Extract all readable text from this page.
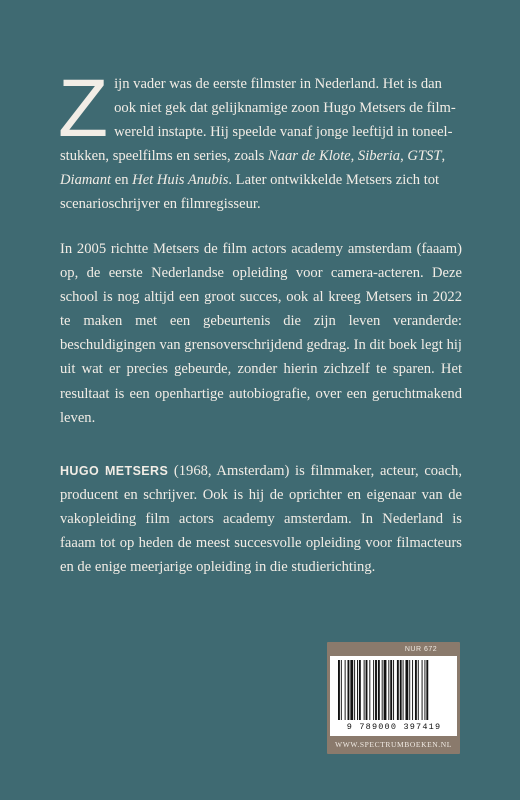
Z ijn vader was de eerste filmster in Nederland. Het is dan
ook niet gek dat gelijknamige zoon Hugo Metsers de film-
wereld instapte. Hij speelde vanaf jonge leeftijd in toneel-
stukken, speelfilms en series, zoals Naar de Klote, Siberia, GTST,
Diamant en Het Huis Anubis. Later ontwikkelde Metsers zich tot
scenarioschrijver en filmregisseur.
In 2005 richtte Metsers de film actors academy amsterdam (faaam) op, de eerste Nederlandse opleiding voor camera-acteren. Deze school is nog altijd een groot succes, ook al kreeg Metsers in 2022 te maken met een gebeurtenis die zijn leven veranderde: beschuldigingen van grensoverschrijdend gedrag. In dit boek legt hij uit wat er precies gebeurde, zonder hierin zichzelf te sparen. Het resultaat is een openhartige autobiografie, over een geruchtmakend leven.
HUGO METSERS (1968, Amsterdam) is filmmaker, acteur, coach, producent en schrijver. Ook is hij de oprichter en eigenaar van de vakopleiding film actors academy amsterdam. In Nederland is faaam tot op heden de meest succesvolle opleiding voor filmacteurs en de enige meerjarige opleiding in die studierichting.
NUR 672
9 789000 397419
WWW.SPECTRUMBOEKEN.NL
